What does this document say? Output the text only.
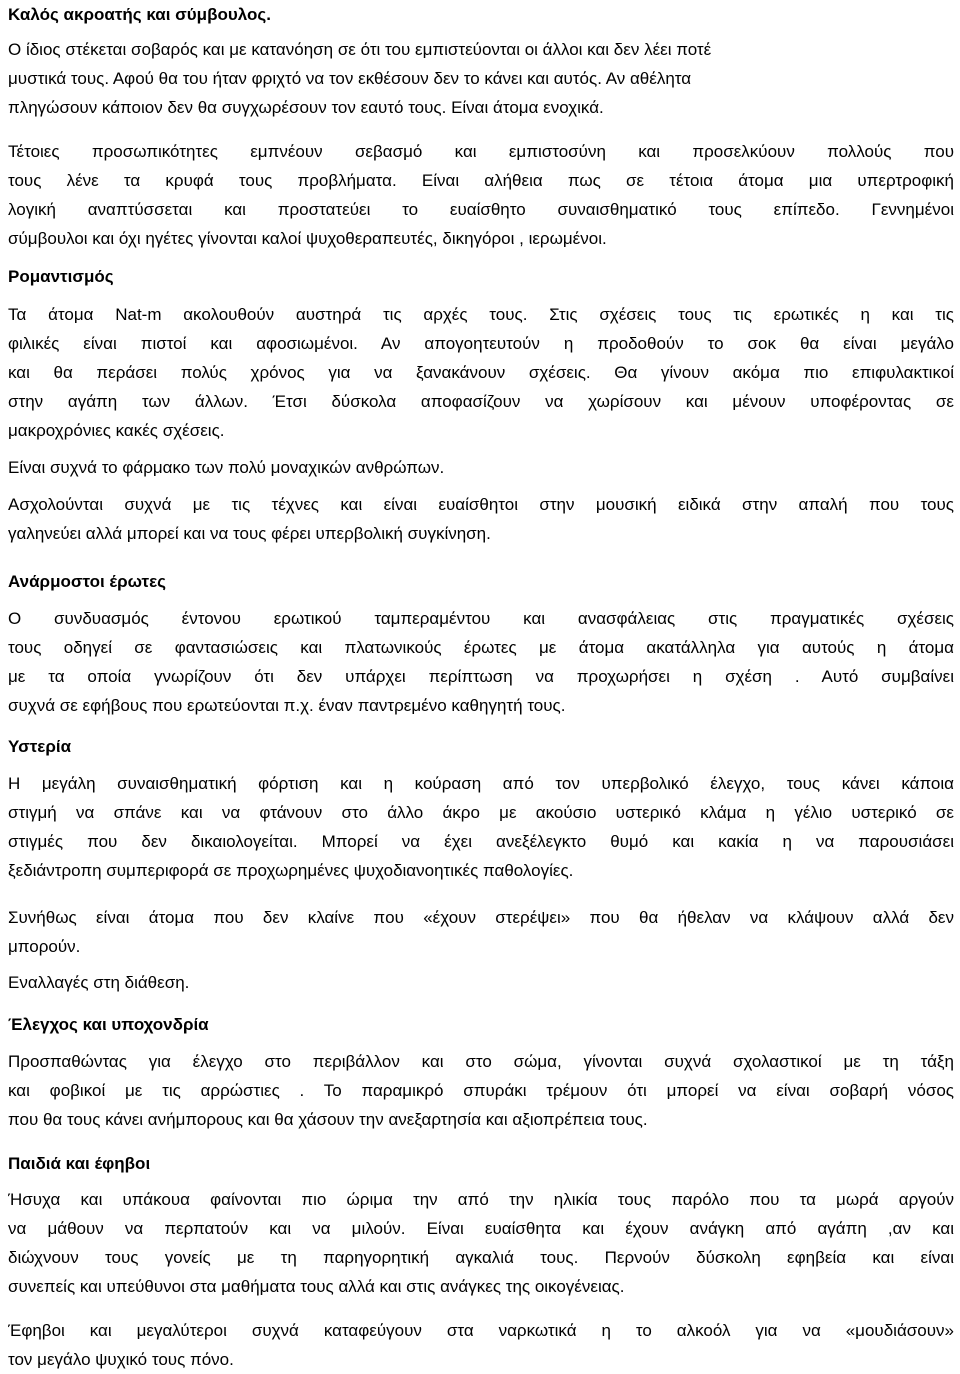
Καλός ακροατής και σύμβουλος.
Ο ίδιος στέκεται σοβαρός και με κατανόηση σε ότι του εμπιστεύονται οι άλλοι και δεν λέει ποτέ
μυστικά τους. Αφού θα του ήταν φριχτό να τον εκθέσουν δεν το κάνει και αυτός. Αν αθέλητα
πληγώσουν κάποιον δεν θα συγχωρέσουν τον εαυτό τους. Είναι άτομα ενοχικά.
Τέτοιες προσωπικότητες εμπνέουν σεβασμό και εμπιστοσύνη και προσελκύουν πολλούς που
τους λένε τα κρυφά τους προβλήματα. Είναι αλήθεια πως σε τέτοια άτομα μια υπερτροφική
λογική αναπτύσσεται και προστατεύει το ευαίσθητο συναισθηματικό τους επίπεδο. Γεννημένοι
σύμβουλοι και όχι ηγέτες γίνονται καλοί ψυχοθεραπευτές, δικηγόροι , ιερωμένοι.
Ρομαντισμός
Τα άτομα Nat-m ακολουθούν αυστηρά τις αρχές τους. Στις σχέσεις τους τις ερωτικές η και τις
φιλικές είναι πιστοί και αφοσιωμένοι. Αν απογοητευτούν η προδοθούν το σοκ θα είναι μεγάλο
και θα περάσει πολύς χρόνος για να ξανακάνουν σχέσεις. Θα γίνουν ακόμα πιο επιφυλακτικοί
στην αγάπη των άλλων. Έτσι δύσκολα αποφασίζουν να χωρίσουν και μένουν υποφέροντας σε
μακροχρόνιες κακές σχέσεις.
Είναι συχνά το φάρμακο των πολύ μοναχικών ανθρώπων.
Ασχολούνται συχνά με τις τέχνες και είναι ευαίσθητοι στην μουσική ειδικά στην απαλή που τους
γαληνεύει αλλά μπορεί και να τους φέρει υπερβολική συγκίνηση.
Ανάρμοστοι έρωτες
Ο συνδυασμός έντονου ερωτικού ταμπεραμέντου και ανασφάλειας στις πραγματικές σχέσεις
τους οδηγεί σε φαντασιώσεις και πλατωνικούς έρωτες με άτομα ακατάλληλα για αυτούς η άτομα
με τα οποία γνωρίζουν ότι δεν υπάρχει περίπτωση να προχωρήσει η σχέση . Αυτό συμβαίνει
συχνά σε εφήβους που ερωτεύονται π.χ. έναν παντρεμένο καθηγητή τους.
Υστερία
Η μεγάλη συναισθηματική φόρτιση και η κούραση από τον υπερβολικό έλεγχο, τους κάνει κάποια
στιγμή να σπάνε και να φτάνουν στο άλλο άκρο με ακούσιο υστερικό κλάμα η γέλιο υστερικό σε
στιγμές που δεν δικαιολογείται. Μπορεί να έχει ανεξέλεγκτο θυμό και κακία η να παρουσιάσει
ξεδιάντροπη συμπεριφορά σε προχωρημένες ψυχοδιανοητικές παθολογίες.
Συνήθως είναι άτομα που δεν κλαίνε πoυ «έχουν στερέψει» που θα ήθελαν να κλάψουν αλλά δεν
μπορούν.
Εναλλαγές στη διάθεση.
Έλεγχος και υποχονδρία
Προσπαθώντας για έλεγχο στο περιβάλλον και στο σώμα, γίνονται συχνά σχολαστικοί με τη τάξη
και φοβικοί με τις αρρώστιες . Το παραμικρό σπυράκι τρέμουν ότι μπορεί να είναι σοβαρή νόσος
που θα τους κάνει ανήμπορους και θα χάσουν την ανεξαρτησία και αξιοπρέπεια τους.
Παιδιά και έφηβοι
Ήσυχα και υπάκουα φαίνονται πιο ώριμα την από την ηλικία τους παρόλο που τα μωρά αργούν
να μάθουν να περπατούν και να μιλούν. Είναι ευαίσθητα και έχουν ανάγκη από αγάπη ,αν και
διώχνουν τους γονείς με τη παρηγορητική αγκαλιά τους. Περνούν δύσκολη εφηβεία και είναι
συνεπείς και υπεύθυνοι στα μαθήματα τους αλλά και στις ανάγκες της οικογένειας.
Έφηβοι και μεγαλύτεροι συχνά καταφεύγουν στα ναρκωτικά η το αλκοόλ για να «μουδιάσουν»
τον μεγάλο ψυχικό τους πόνο.
